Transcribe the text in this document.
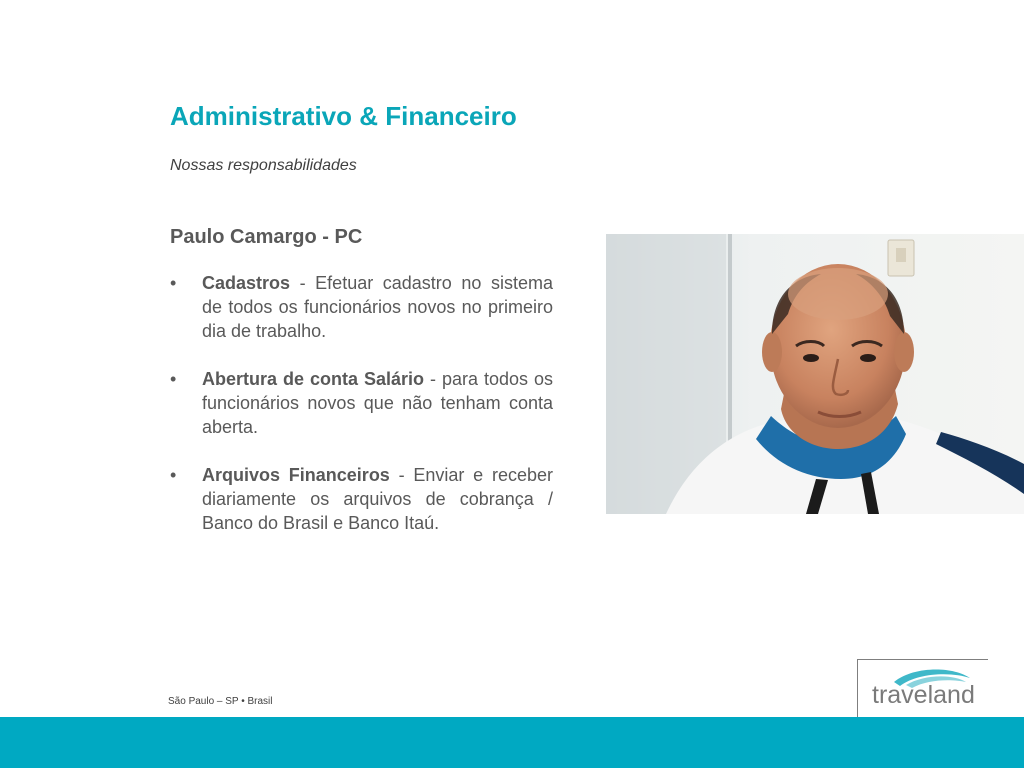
Administrativo & Financeiro
Nossas responsabilidades
Paulo Camargo - PC
• Cadastros - Efetuar cadastro no sistema de todos os funcionários novos no primeiro dia de trabalho.
• Abertura de conta Salário - para todos os funcionários novos que não tenham conta aberta.
• Arquivos Financeiros - Enviar e receber diariamente os arquivos de cobrança / Banco do Brasil e Banco Itaú.
São Paulo – SP • Brasil	traveland
